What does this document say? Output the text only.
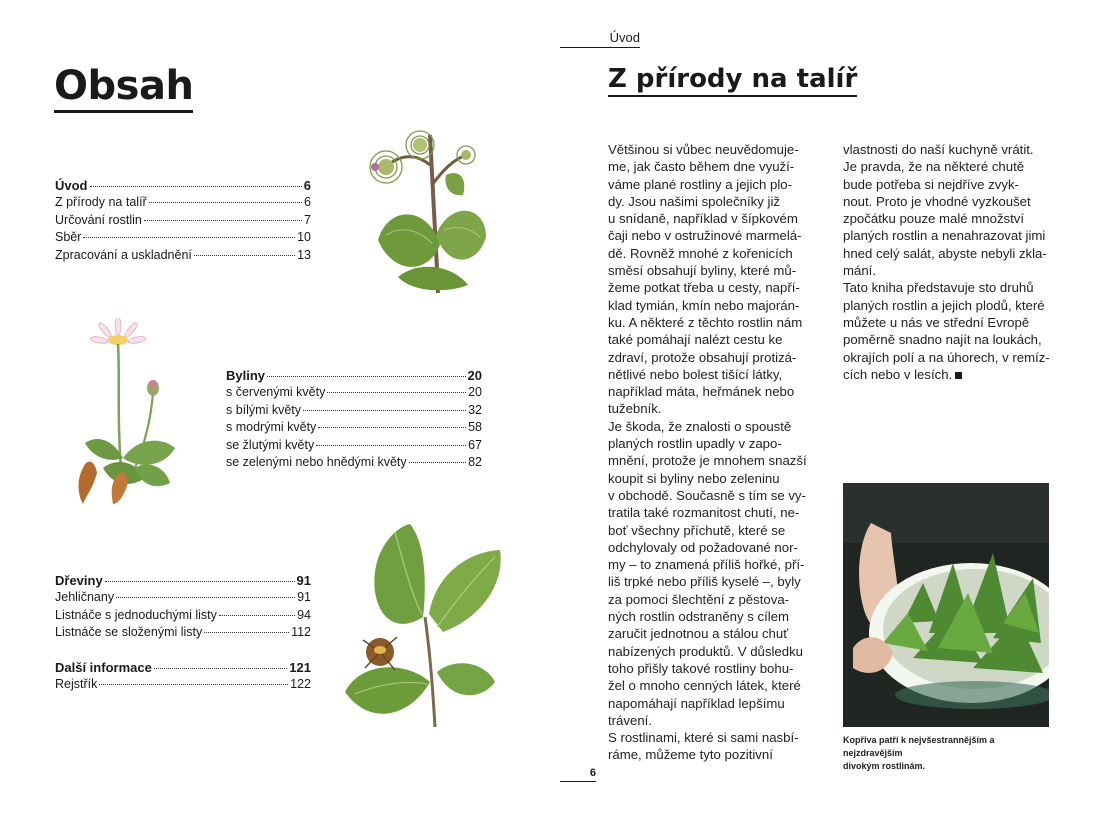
Obsah
Úvod	6
Z přírody na talíř	6
Určování rostlin	7
Sběr	10
Zpracování a uskladnění	13
Byliny	20
s červenými květy	20
s bílými květy	32
s modrými květy	58
se žlutými květy	67
se zelenými nebo hnědými květy	82
Dřeviny	91
Jehličnany	91
Listnáče s jednoduchými listy	94
Listnáče se složenými listy	112
Další informace	121
Rejstřík	122
Úvod
Z přírody na talíř

Většinou si vůbec neuvědomuje-

me, jak často během dne využí-

váme plané rostliny a jejich plo-

dy. Jsou našimi společníky již

u snídaně, například v šípkovém

čaji nebo v ostružinové marmelá-

dě. Rovněž mnohé z kořenicích

směsí obsahují byliny, které mů-

žeme potkat třeba u cesty, napří-

klad tymián, kmín nebo majorán-

ku. A některé z těchto rostlin nám

také pomáhají nalézt cestu ke

zdraví, protože obsahují protizá-

nětlivé nebo bolest tišící látky,

například máta, heřmánek nebo

tužebník.

Je škoda, že znalosti o spoustě

planých rostlin upadly v zapo-

mnění, protože je mnohem snazší

koupit si byliny nebo zeleninu

v obchodě. Současně s tím se vy-

tratila také rozmanitost chutí, ne-

boť všechny příchutě, které se

odchylovaly od požadované nor-

my – to znamená příliš hořké, pří-

liš trpké nebo příliš kyselé –, byly

za pomoci šlechtění z pěstova-

ných rostlin odstraněny s cílem

zaručit jednotnou a stálou chuť

nabízených produktů. V důsledku

toho přišly takové rostliny bohu-

žel o mnoho cenných látek, které

napomáhají například lepšímu

trávení.

S rostlinami, které si sami nasbí-

ráme, můžeme tyto pozitivní

vlastnosti do naší kuchyně vrátit.

Je pravda, že na některé chutě

bude potřeba si nejdříve zvyk-

nout. Proto je vhodné vyzkoušet

zpočátku pouze malé množství

planých rostlin a nenahrazovat jimi

hned celý salát, abyste nebyli zkla-

mání.

Tato kniha představuje sto druhů

planých rostlin a jejich plodů, které

můžete u nás ve střední Evropě

poměrně snadno najít na loukách,

okrajích polí a na úhorech, v remíz-

cích nebo v lesích.

Kopřiva patří k nejvšestrannějším a nejzdravějším
divokým rostlinám.
6
